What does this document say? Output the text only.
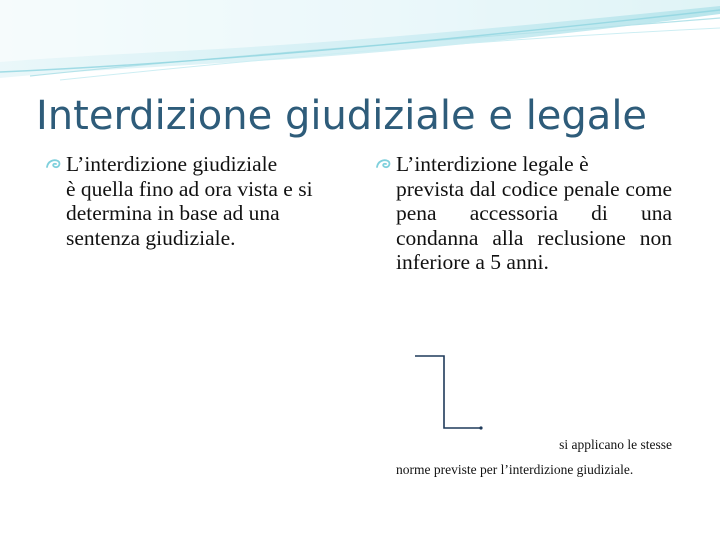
Interdizione giudiziale e legale
L’interdizione giudiziale
è quella fino ad ora vista e si determina in base ad una sentenza giudiziale.
L’interdizione legale è
prevista dal codice penale come pena accessoria di una condanna alla reclusione non inferiore a 5 anni.
si applicano le stesse
norme previste per l’interdizione giudiziale.
